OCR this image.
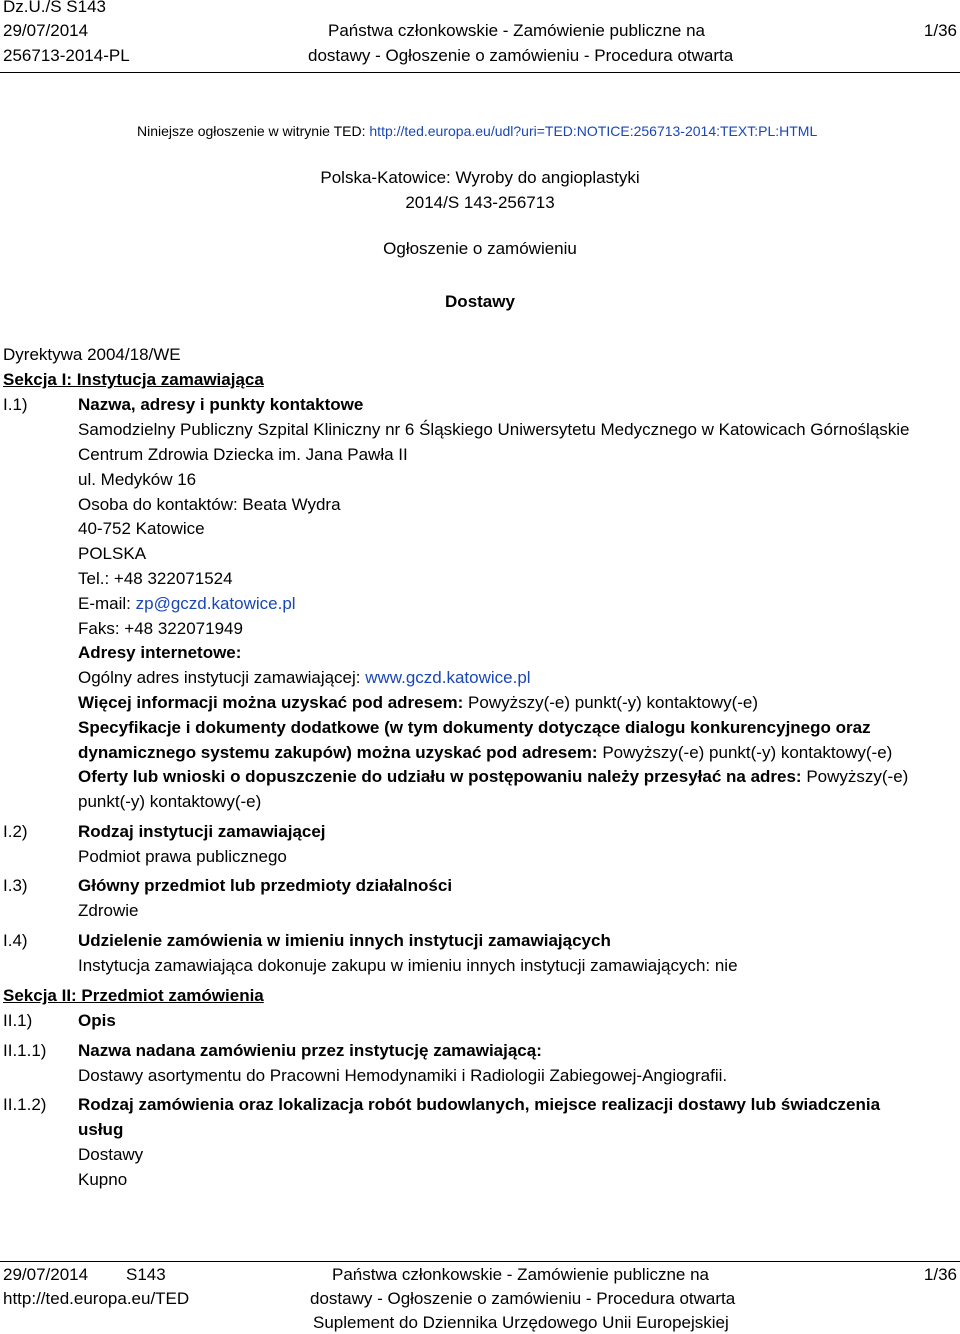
Dz.U./S S143
29/07/2014
256713-2014-PL
Państwa członkowskie - Zamówienie publiczne na
dostawy - Ogłoszenie o zamówieniu - Procedura otwarta
1/36
Niniejsze ogłoszenie w witrynie TED: http://ted.europa.eu/udl?uri=TED:NOTICE:256713-2014:TEXT:PL:HTML
Polska-Katowice: Wyroby do angioplastyki
2014/S 143-256713
Ogłoszenie o zamówieniu
Dostawy
Dyrektywa 2004/18/WE
Sekcja I: Instytucja zamawiająca
I.1)	Nazwa, adresy i punkty kontaktowe
Samodzielny Publiczny Szpital Kliniczny nr 6 Śląskiego Uniwersytetu Medycznego w Katowicach Górnośląskie
Centrum Zdrowia Dziecka im. Jana Pawła II
ul. Medyków 16
Osoba do kontaktów: Beata Wydra
40-752 Katowice
POLSKA
Tel.: +48 322071524
E-mail: zp@gczd.katowice.pl
Faks: +48 322071949
Adresy internetowe:
Ogólny adres instytucji zamawiającej: www.gczd.katowice.pl
Więcej informacji można uzyskać pod adresem: Powyższy(-e) punkt(-y) kontaktowy(-e)
Specyfikacje i dokumenty dodatkowe (w tym dokumenty dotyczące dialogu konkurencyjnego oraz
dynamicznego systemu zakupów) można uzyskać pod adresem: Powyższy(-e) punkt(-y) kontaktowy(-e)
Oferty lub wnioski o dopuszczenie do udziału w postępowaniu należy przesyłać na adres: Powyższy(-e)
punkt(-y) kontaktowy(-e)
I.2)	Rodzaj instytucji zamawiającej
Podmiot prawa publicznego
I.3)	Główny przedmiot lub przedmioty działalności
Zdrowie
I.4)	Udzielenie zamówienia w imieniu innych instytucji zamawiających
Instytucja zamawiająca dokonuje zakupu w imieniu innych instytucji zamawiających: nie
Sekcja II: Przedmiot zamówienia
II.1)	Opis
II.1.1) Nazwa nadana zamówieniu przez instytucję zamawiającą:
Dostawy asortymentu do Pracowni Hemodynamiki i Radiologii Zabiegowej-Angiografii.
II.1.2) Rodzaj zamówienia oraz lokalizacja robót budowlanych, miejsce realizacji dostawy lub świadczenia
usług
Dostawy
Kupno
29/07/2014 S143
http://ted.europa.eu/TED
Państwa członkowskie - Zamówienie publiczne na
dostawy - Ogłoszenie o zamówieniu - Procedura otwarta
Suplement do Dziennika Urzędowego Unii Europejskiej
1/36
